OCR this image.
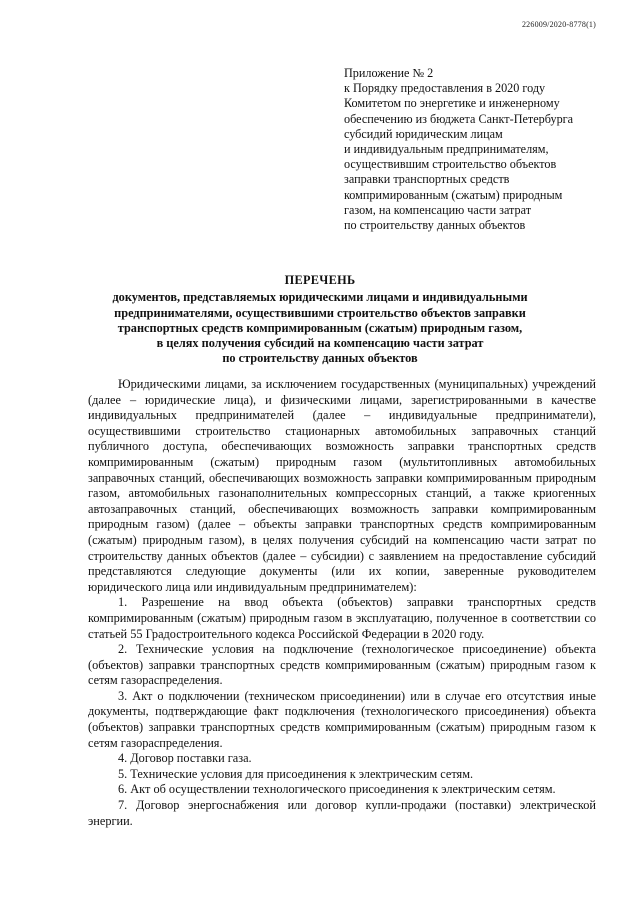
226009/2020-8778(1)
Приложение № 2
к Порядку предоставления в 2020 году
Комитетом по энергетике и инженерному
обеспечению из бюджета Санкт-Петербурга
субсидий юридическим лицам
и индивидуальным предпринимателям,
осуществившим строительство объектов
заправки транспортных средств
компримированным (сжатым) природным
газом, на компенсацию части затрат
по строительству данных объектов
ПЕРЕЧЕНЬ
документов, представляемых юридическими лицами и индивидуальными
предпринимателями, осуществившими строительство объектов заправки
транспортных средств компримированным (сжатым) природным газом,
в целях получения субсидий на компенсацию части затрат
по строительству данных объектов

Юридическими лицами, за исключением государственных (муниципальных) учреждений (далее – юридические лица), и физическими лицами, зарегистрированными в качестве индивидуальных предпринимателей (далее – индивидуальные предприниматели), осуществившими строительство стационарных автомобильных заправочных станций публичного доступа, обеспечивающих возможность заправки транспортных средств компримированным (сжатым) природным газом (мультитопливных автомобильных заправочных станций, обеспечивающих возможность заправки компримированным природным газом, автомобильных газонаполнительных компрессорных станций, а также криогенных автозаправочных станций, обеспечивающих возможность заправки компримированным природным газом) (далее – объекты заправки транспортных средств компримированным (сжатым) природным газом), в целях получения субсидий на компенсацию части затрат по строительству данных объектов (далее – субсидии) с заявлением на предоставление субсидий представляются следующие документы (или их копии, заверенные руководителем юридического лица или индивидуальным предпринимателем):

1. Разрешение на ввод объекта (объектов) заправки транспортных средств компримированным (сжатым) природным газом в эксплуатацию, полученное в соответствии со статьей 55 Градостроительного кодекса Российской Федерации в 2020 году.

2. Технические условия на подключение (технологическое присоединение) объекта (объектов) заправки транспортных средств компримированным (сжатым) природным газом к сетям газораспределения.

3. Акт о подключении (техническом присоединении) или в случае его отсутствия иные документы, подтверждающие факт подключения (технологического присоединения) объекта (объектов) заправки транспортных средств компримированным (сжатым) природным газом к сетям газораспределения.

4. Договор поставки газа.

5. Технические условия для присоединения к электрическим сетям.

6. Акт об осуществлении технологического присоединения к электрическим сетям.

7. Договор энергоснабжения или договор купли-продажи (поставки) электрической энергии.
